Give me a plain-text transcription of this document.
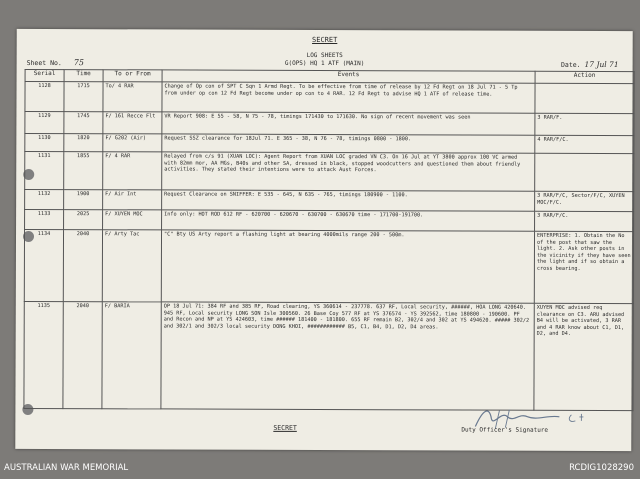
SECRET
LOG SHEETS
G(OPS) HQ 1 ATF (MAIN)
Sheet No. 75	Date. 17 Jul 71
Serial	Time	To or From	Events	Action
1128	1715	To/ 4 RAR	Change of Op con of SPT C Sqn 1 Armd Regt. To be effective from time of release by 12 Fd Regt on 18 Jul 71 - 5 Tp from under op con 12 Fd Regt become under op con to 4 RAR. 12 Fd Regt to advise HQ 1 ATF of release time.	
1129	1745	F/ 161 Recce Flt	VR Report 908: E 55 - 58, N 75 - 78, timings 171430 to 171630. No sign of recent movement was seen	3 RAR/F.
1130	1820	F/ G202 (Air)	Request SSZ clearance for 18Jul 71. E 365 - 38, N 76 - 78, timings 0800 - 1800.	4 RAR/F/C.
1131	1855	F/ 4 RAR	Relayed from c/s 91 (XUAN LOC): Agent Report from XUAN LOC graded VN C3. On 16 Jul at YT 3800 approx 100 VC armed with 82mm mor, AA MGs, B40s and other SA, dressed in black, stopped woodcutters and questioned them about friendly activities. They stated their intentions were to attack Aust Forces.	
1132	1900	F/ Air Int	Request Clearance on SNIFFER: E 535 - 645, N 635 - 765, timings 180900 - 1100.	3 RAR/F/C, Sector/F/C, XUYEN MOC/F/C.
1133	2025	F/ XUYEN MOC	Info only: HOT ROD 612 RF - 620700 - 620670 - 630700 - 630670 time - 171700-191700.	3 RAR/F/C.
1134	2040	F/ Arty Tac	"C" Bty US Arty report a flashing light at bearing 4000mils range 200 - 500m.	ENTERPRISE: 1. Obtain the No of the post that saw the light. 2. Ask other posts in the vicinity if they have seen the light and if so obtain a cross bearing.
1135	2040	F/ BARIA	OP 18 Jul 71: 384 RF and 385 RF, Road clearing, YS 360614 - 237778. 637 RF, Local security, ######, HOA LONG 420640. 945 RF, Local security LONG SON Isle 300560. 26 Base Coy 577 RF at YS 376574 - YS 392562, time 180800 - 190600. PF and Recon and NP at YS 424603, time ###### 181400 - 181800. 655 RF remain B2, 302/4 and 302 at YS 494620. ##### 302/2 and 302/1 and 302/3 local security DONG KHOI, ############ B5, C1, B4, D1, D2, D4 areas.	XUYEN MOC advised req clearance on C3. ARU advised B4 will be activated, 3 RAR and 4 RAR know about C1, D1, D2, and D4.
SECRET	Duty Officer's Signature
AUSTRALIAN WAR MEMORIAL	RCDIG1028290
